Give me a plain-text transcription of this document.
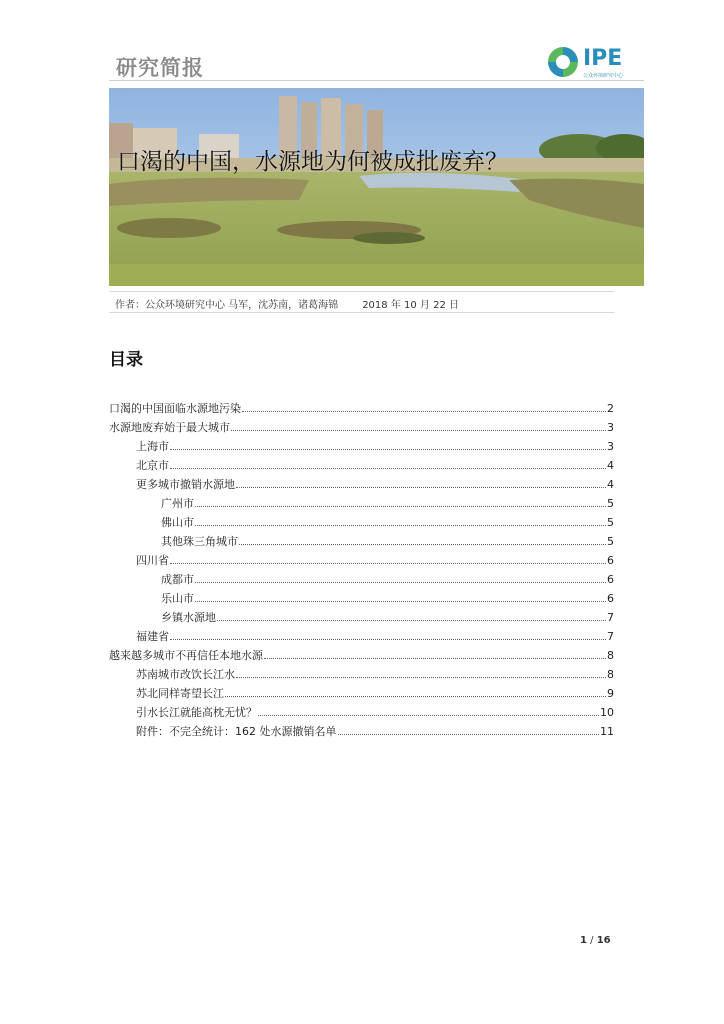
研究简报	IPE
公众环境研究中心
口渴的中国，水源地为何被成批废弃？
作者：公众环境研究中心 马军，沈苏南，诸葛海锦 2018 年 10 月 22 日
目录
口渴的中国面临水源地污染	2
水源地废弃始于最大城市	3
上海市	3
北京市	4
更多城市撤销水源地	4
广州市	5
佛山市	5
其他珠三角城市	5
四川省	6
成都市	6
乐山市	6
乡镇水源地	7
福建省	7
越来越多城市不再信任本地水源	8
苏南城市改饮长江水	8
苏北同样寄望长江	9
引水长江就能高枕无忧？	10
附件：不完全统计：162 处水源撤销名单	11
1 / 16
